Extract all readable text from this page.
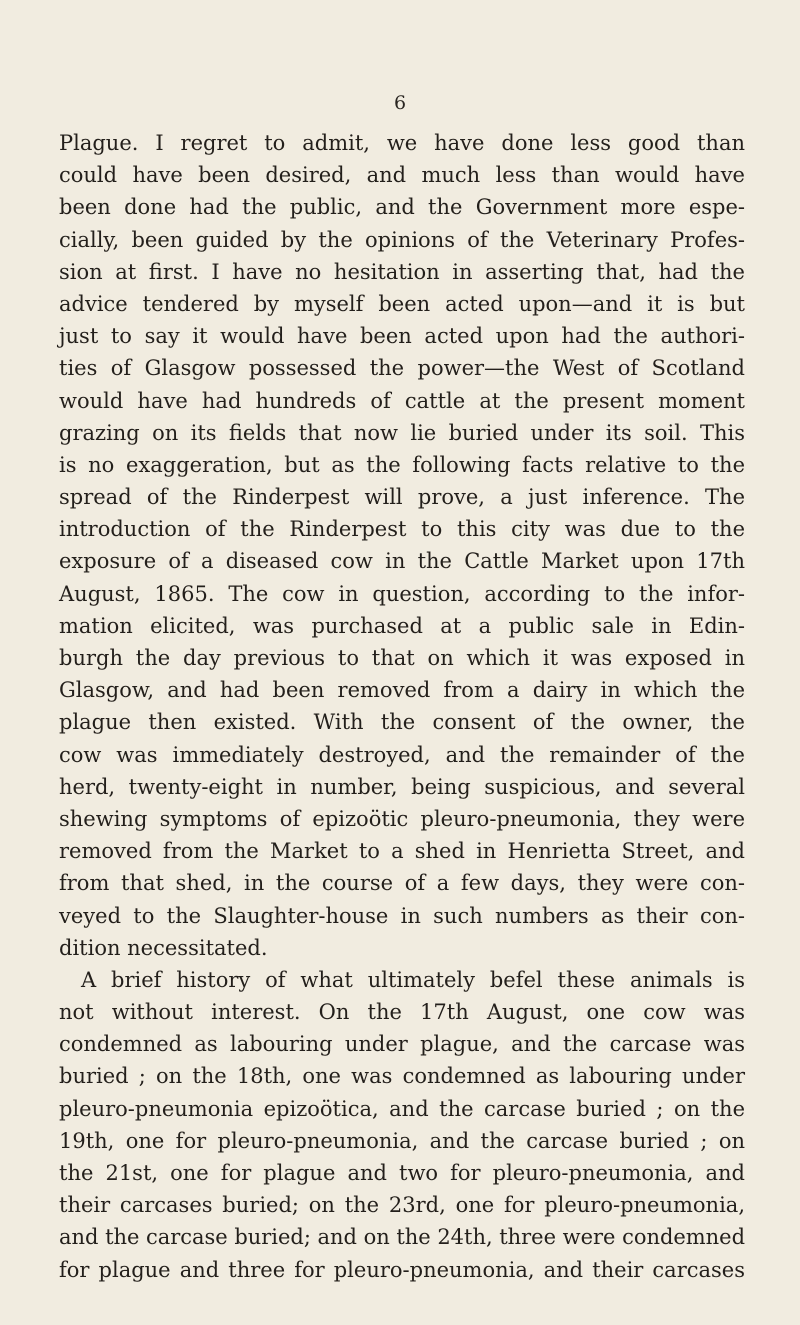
6
Plague. I regret to admit, we have done less good than
could have been desired, and much less than would have
been done had the public, and the Government more espe-
cially, been guided by the opinions of the Veterinary Profes-
sion at first. I have no hesitation in asserting that, had the
advice tendered by myself been acted upon—and it is but
just to say it would have been acted upon had the authori-
ties of Glasgow possessed the power—the West of Scotland
would have had hundreds of cattle at the present moment
grazing on its fields that now lie buried under its soil. This
is no exaggeration, but as the following facts relative to the
spread of the Rinderpest will prove, a just inference. The
introduction of the Rinderpest to this city was due to the
exposure of a diseased cow in the Cattle Market upon 17th
August, 1865. The cow in question, according to the infor-
mation elicited, was purchased at a public sale in Edin-
burgh the day previous to that on which it was exposed in
Glasgow, and had been removed from a dairy in which the
plague then existed. With the consent of the owner, the
cow was immediately destroyed, and the remainder of the
herd, twenty-eight in number, being suspicious, and several
shewing symptoms of epizoötic pleuro-pneumonia, they were
removed from the Market to a shed in Henrietta Street, and
from that shed, in the course of a few days, they were con-
veyed to the Slaughter-house in such numbers as their con-
dition necessitated.
A brief history of what ultimately befel these animals is
not without interest. On the 17th August, one cow was
condemned as labouring under plague, and the carcase was
buried ; on the 18th, one was condemned as labouring under
pleuro-pneumonia epizoötica, and the carcase buried ; on the
19th, one for pleuro-pneumonia, and the carcase buried ; on
the 21st, one for plague and two for pleuro-pneumonia, and
their carcases buried; on the 23rd, one for pleuro-pneumonia,
and the carcase buried; and on the 24th, three were condemned
for plague and three for pleuro-pneumonia, and their carcases
